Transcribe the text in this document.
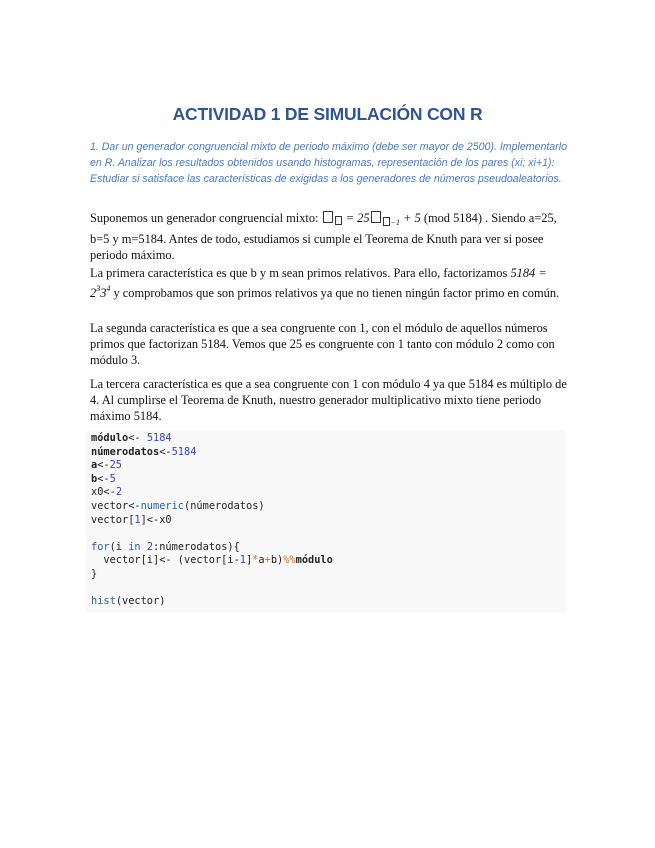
ACTIVIDAD 1 DE SIMULACIÓN CON R
1. Dar un generador congruencial mixto de periodo máximo (debe ser mayor de 2500). Implementarlo en R. Analizar los resultados obtenidos usando histogramas, representación de los pares (xi; xi+1): Estudiar si satisface las características de exigidas a los generadores de números pseudoaleatorios.
Suponemos un generador congruencial mixto:  = 25	$_{-1}$ + 5 (mod 5184) . Siendo a=25, b=5 y m=5184. Antes de todo, estudiamos si cumple el Teorema de Knuth para ver si posee periodo máximo.
La primera característica es que b y m sean primos relativos. Para ello, factorizamos $5184 = 2^33^4$ y comprobamos que son primos relativos ya que no tienen ningún factor primo en común.
La segunda característica es que a sea congruente con 1, con el módulo de aquellos números primos que factorizan 5184. Vemos que 25 es congruente con 1 tanto con módulo 2 como con módulo 3.
La tercera característica es que a sea congruente con 1 con módulo 4 ya que 5184 es múltiplo de 4. Al cumplirse el Teorema de Knuth, nuestro generador multiplicativo mixto tiene periodo máximo 5184.
módulo<- 5184
númerodatos<-5184
a<-25
b<-5
x0<-2
vector<-numeric(númerodatos)
vector[1]<-x0
for(i in 2:númerodatos){
vector[i]<- (vector[i-1]*a+b)%%módulo
}
hist(vector)
